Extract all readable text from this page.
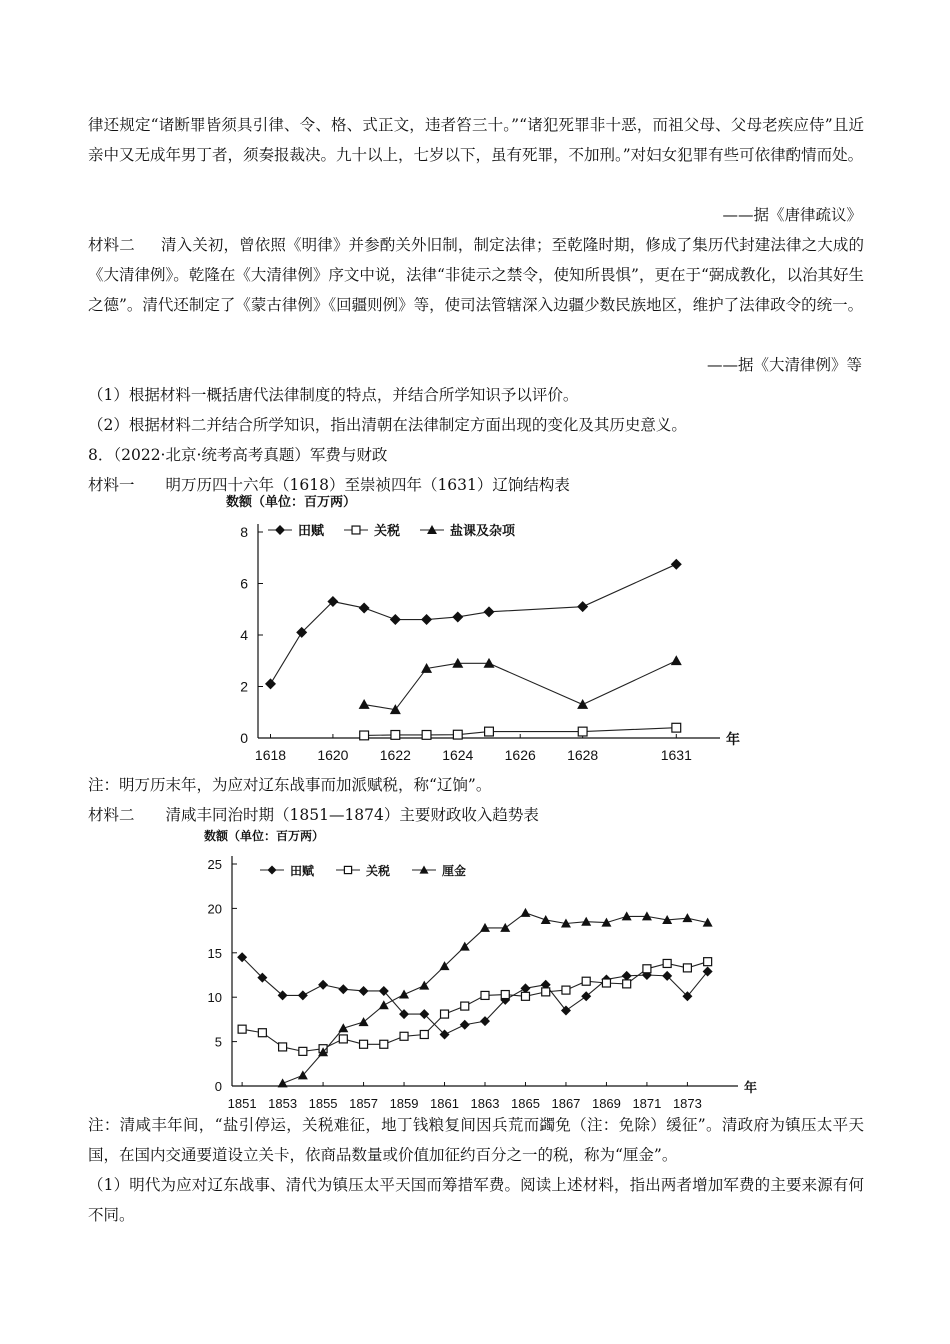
律还规定“诸断罪皆须具引律、令、格、式正文，违者笞三十。”“诸犯死罪非十恶，而祖父母、父母老疾应侍”且近亲中又无成年男丁者，须奏报裁决。九十以上，七岁以下，虽有死罪，不加刑。”对妇女犯罪有些可依律酌情而处。

——据《唐律疏议》

材料二 清入关初，曾依照《明律》并参酌关外旧制，制定法律；至乾隆时期，修成了集历代封建法律之大成的《大清律例》。乾隆在《大清律例》序文中说，法律“非徒示之禁令，使知所畏惧”，更在于“弼成教化，以治其好生之德”。清代还制定了《蒙古律例》《回疆则例》等，使司法管辖深入边疆少数民族地区，维护了法律政令的统一。

——据《大清律例》等

（1）根据材料一概括唐代法律制度的特点，并结合所学知识予以评价。

（2）根据材料二并结合所学知识，指出清朝在法律制定方面出现的变化及其历史意义。

8．（2022·北京·统考高考真题）军费与财政

材料一　　明万历四十六年（1618）至崇祯四年（1631）辽饷结构表

数额（单位：百万两）
年
0
2
4
6
8
1618 1620 1622 1624 1626 1628	1631
田赋	关税	盐课及杂项

注：明万历末年，为应对辽东战事而加派赋税，称“辽饷”。

材料二　　清咸丰同治时期（1851—1874）主要财政收入趋势表

数额（单位：百万两）
年
0
5
10
15
20
25
1851 1853 1855 1857 1859 1861 1863 1865 1867 1869 1871 1873
田赋	关税	厘金

注：清咸丰年间，“盐引停运，关税难征，地丁钱粮复间因兵荒而蠲免（注：免除）缓征”。清政府为镇压太平天国，在国内交通要道设立关卡，依商品数量或价值加征约百分之一的税，称为“厘金”。

（1）明代为应对辽东战事、清代为镇压太平天国而筹措军费。阅读上述材料，指出两者增加军费的主要来源有何不同。
